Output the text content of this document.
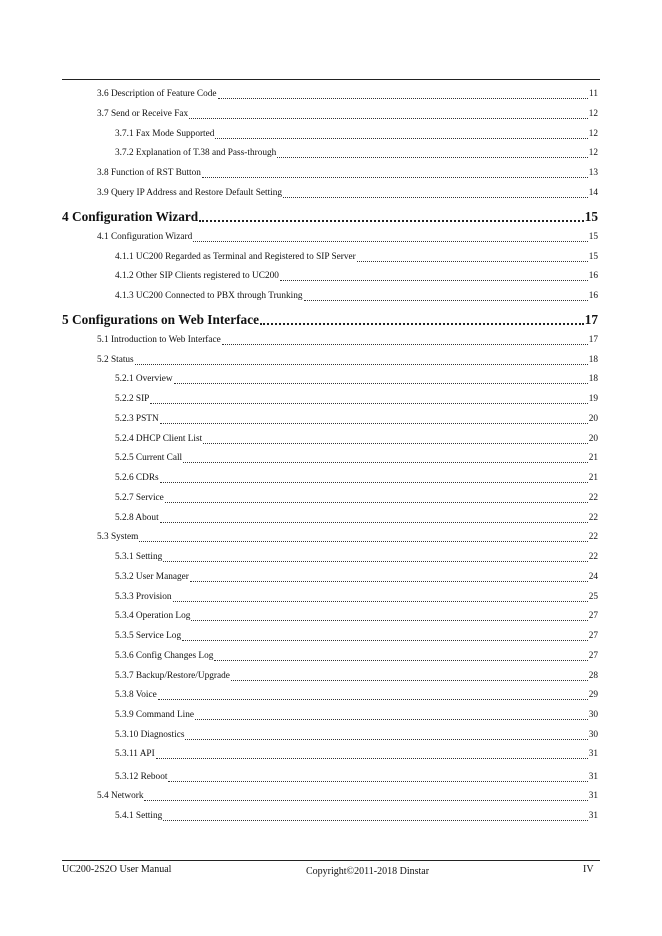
3.6 Description of Feature Code	11
3.7 Send or Receive Fax	12
3.7.1 Fax Mode Supported	12
3.7.2 Explanation of T.38 and Pass-through	12
3.8 Function of RST Button	13
3.9 Query IP Address and Restore Default Setting	14
4 Configuration Wizard	15
4.1 Configuration Wizard	15
4.1.1 UC200 Regarded as Terminal and Registered to SIP Server	15
4.1.2 Other SIP Clients registered to UC200	16
4.1.3 UC200 Connected to PBX through Trunking	16
5 Configurations on Web Interface	17
5.1 Introduction to Web Interface	17
5.2 Status	18
5.2.1 Overview	18
5.2.2 SIP	19
5.2.3 PSTN	20
5.2.4 DHCP Client List	20
5.2.5 Current Call	21
5.2.6 CDRs	21
5.2.7 Service	22
5.2.8 About	22
5.3 System	22
5.3.1 Setting	22
5.3.2 User Manager	24
5.3.3 Provision	25
5.3.4 Operation Log	27
5.3.5 Service Log	27
5.3.6 Config Changes Log	27
5.3.7 Backup/Restore/Upgrade	28
5.3.8 Voice	29
5.3.9 Command Line	30
5.3.10 Diagnostics	30
5.3.11 API	31
5.3.12 Reboot	31
5.4 Network	31
5.4.1 Setting	31
UC200-2S2O User Manual	Copyright©2011-2018 Dinstar	IV
